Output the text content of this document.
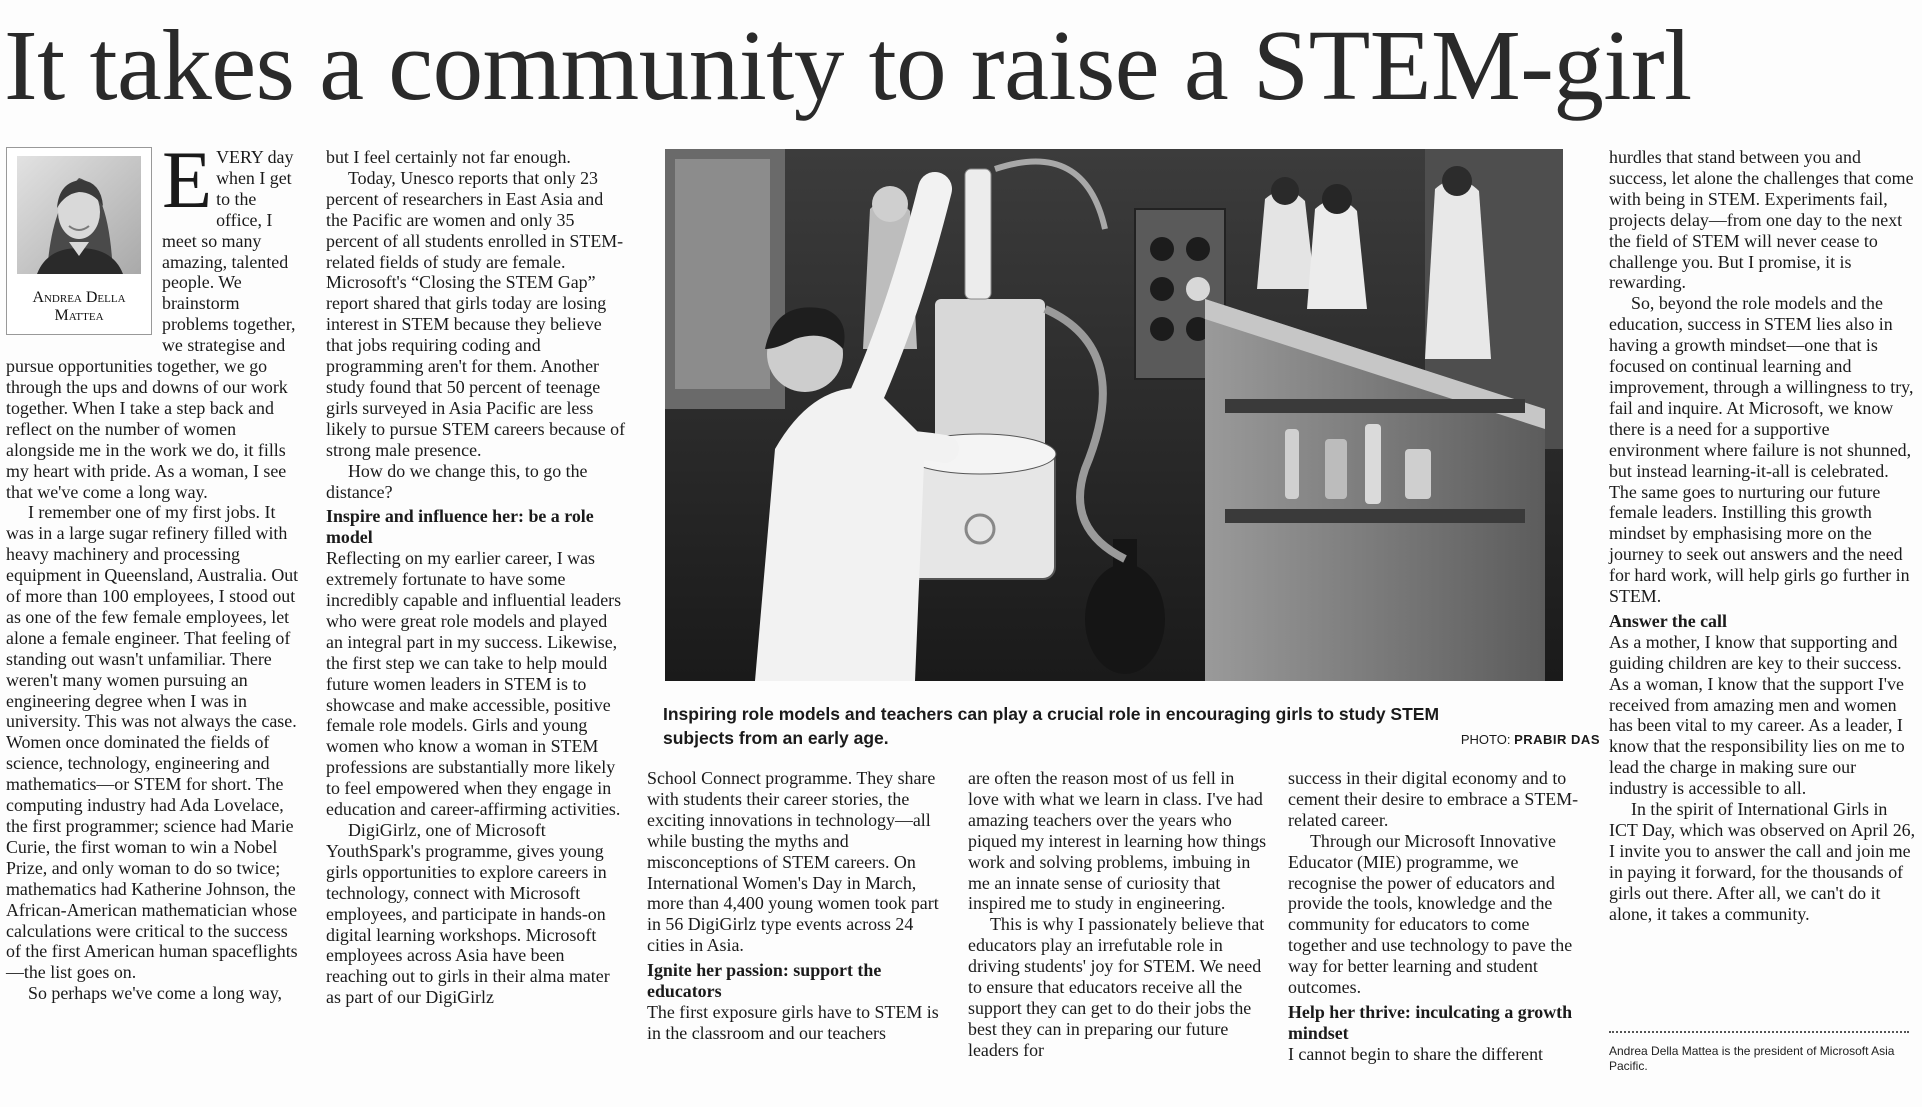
It takes a community to raise a STEM-girl
Andrea Della Mattea

EVERY day when I get to the office, I meet so many amazing, talented people. We brainstorm problems together, we strategise and pursue opportunities together, we go through the ups and downs of our work together. When I take a step back and reflect on the number of women alongside me in the work we do, it fills my heart with pride. As a woman, I see that we've come a long way.

I remember one of my first jobs. It was in a large sugar refinery filled with heavy machinery and processing equipment in Queensland, Australia. Out of more than 100 employees, I stood out as one of the few female employees, let alone a female engineer. That feeling of standing out wasn't unfamiliar. There weren't many women pursuing an engineering degree when I was in university. This was not always the case. Women once dominated the fields of science, technology, engineering and mathematics—or STEM for short. The computing industry had Ada Lovelace, the first programmer; science had Marie Curie, the first woman to win a Nobel Prize, and only woman to do so twice; mathematics had Katherine Johnson, the African-American mathematician whose calculations were critical to the success of the first American human spaceflights—the list goes on.

So perhaps we've come a long way,

but I feel certainly not far enough.

Today, Unesco reports that only 23 percent of researchers in East Asia and the Pacific are women and only 35 percent of all students enrolled in STEM-related fields of study are female. Microsoft's “Closing the STEM Gap” report shared that girls today are losing interest in STEM because they believe that jobs requiring coding and programming aren't for them. Another study found that 50 percent of teenage girls surveyed in Asia Pacific are less likely to pursue STEM careers because of strong male presence.

How do we change this, to go the distance?

Inspire and influence her: be a role model

Reflecting on my earlier career, I was extremely fortunate to have some incredibly capable and influential leaders who were great role models and played an integral part in my success. Likewise, the first step we can take to help mould future women leaders in STEM is to showcase and make accessible, positive female role models. Girls and young women who know a woman in STEM professions are substantially more likely to feel empowered when they engage in education and career-affirming activities.

DigiGirlz, one of Microsoft YouthSpark's programme, gives young girls opportunities to explore careers in technology, connect with Microsoft employees, and participate in hands-on digital learning workshops. Microsoft employees across Asia have been reaching out to girls in their alma mater as part of our DigiGirlz

Inspiring role models and teachers can play a crucial role in encouraging girls to study STEM subjects from an early age.	PHOTO: PRABIR DAS

School Connect programme. They share with students their career stories, the exciting innovations in technology—all while busting the myths and misconceptions of STEM careers. On International Women's Day in March, more than 4,400 young women took part in 56 DigiGirlz type events across 24 cities in Asia.

Ignite her passion: support the educators

The first exposure girls have to STEM is in the classroom and our teachers

are often the reason most of us fell in love with what we learn in class. I've had amazing teachers over the years who piqued my interest in learning how things work and solving problems, imbuing in me an innate sense of curiosity that inspired me to study in engineering.

This is why I passionately believe that educators play an irrefutable role in driving students' joy for STEM. We need to ensure that educators receive all the support they can get to do their jobs the best they can in preparing our future leaders for

success in their digital economy and to cement their desire to embrace a STEM-related career.

Through our Microsoft Innovative Educator (MIE) programme, we recognise the power of educators and provide the tools, knowledge and the community for educators to come together and use technology to pave the way for better learning and student outcomes.

Help her thrive: inculcating a growth mindset

I cannot begin to share the different

hurdles that stand between you and success, let alone the challenges that come with being in STEM. Experiments fail, projects delay—from one day to the next the field of STEM will never cease to challenge you. But I promise, it is rewarding.

So, beyond the role models and the education, success in STEM lies also in having a growth mindset—one that is focused on continual learning and improvement, through a willingness to try, fail and inquire. At Microsoft, we know there is a need for a supportive environment where failure is not shunned, but instead learning-it-all is celebrated. The same goes to nurturing our future female leaders. Instilling this growth mindset by emphasising more on the journey to seek out answers and the need for hard work, will help girls go further in STEM.

Answer the call

As a mother, I know that supporting and guiding children are key to their success. As a woman, I know that the support I've received from amazing men and women has been vital to my career. As a leader, I know that the responsibility lies on me to lead the charge in making sure our industry is accessible to all.

In the spirit of International Girls in ICT Day, which was observed on April 26, I invite you to answer the call and join me in paying it forward, for the thousands of girls out there. After all, we can't do it alone, it takes a community.

Andrea Della Mattea is the president of Microsoft Asia Pacific.
